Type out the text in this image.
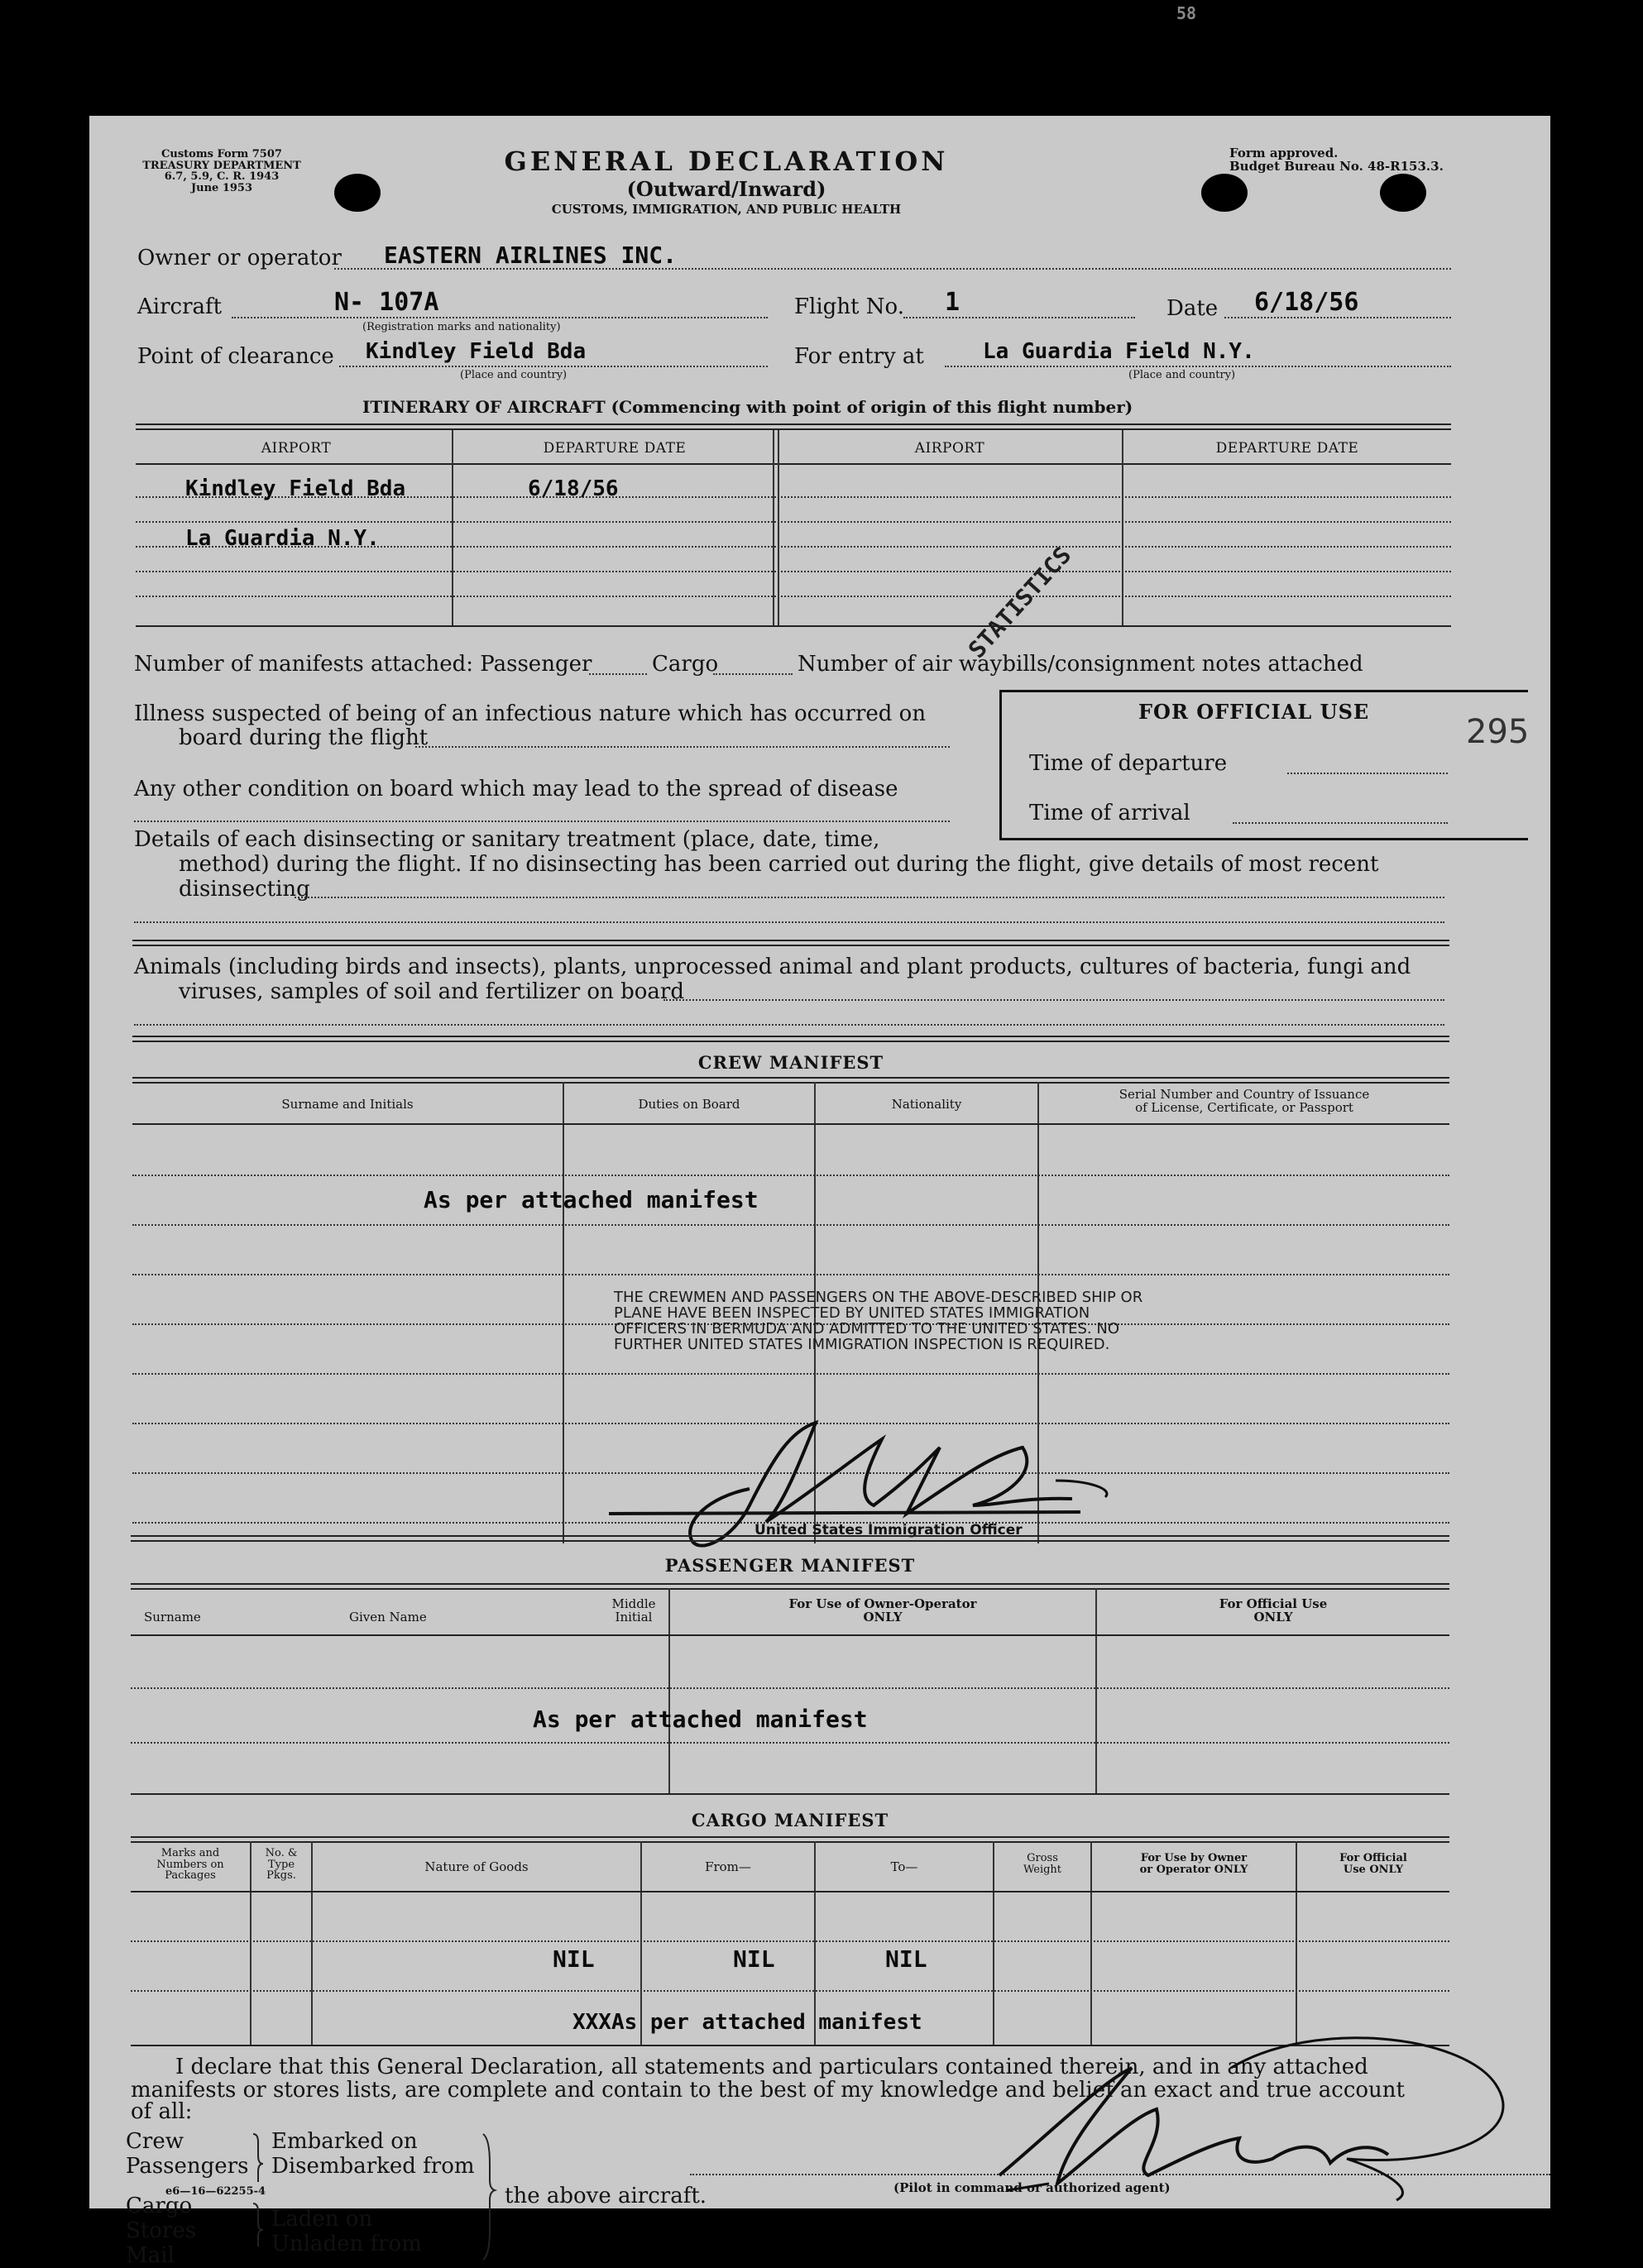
58
Customs Form 7507
TREASURY DEPARTMENT
6.7, 5.9, C. R. 1943
June 1953
GENERAL DECLARATION
(Outward/Inward)
CUSTOMS, IMMIGRATION, AND PUBLIC HEALTH
Form approved.
Budget Bureau No. 48-R153.3.
Owner or operator EASTERN AIRLINES INC.
Aircraft	N- 107A
(Registration marks and nationality)
Flight No. 1	Date 6/18/56
Point of clearance Kindley Field Bda
(Place and country)
For entry at	La Guardia Field N.Y.
(Place and country)
ITINERARY OF AIRCRAFT (Commencing with point of origin of this flight number)
AIRPORT	DEPARTURE DATE	AIRPORT	DEPARTURE DATE
Kindley Field Bda	6/18/56
La Guardia N.Y.
STATISTICS
Number of manifests attached: Passenger	Cargo	Number of air waybills/consignment notes attached
Illness suspected of being of an infectious nature which has occurred on
board during the flight
Any other condition on board which may lead to the spread of disease
Details of each disinsecting or sanitary treatment (place, date, time,
method) during the flight. If no disinsecting has been carried out during the flight, give details of most recent
disinsecting
Animals (including birds and insects), plants, unprocessed animal and plant products, cultures of bacteria, fungi and
viruses, samples of soil and fertilizer on board
FOR OFFICIAL USE
295
Time of departure
Time of arrival
CREW MANIFEST
Surname and Initials	Duties on Board	Nationality
Serial Number and Country of Issuance
of License, Certificate, or Passport
As per attached manifest
THE CREWMEN AND PASSENGERS ON THE ABOVE-DESCRIBED SHIP OR
PLANE HAVE BEEN INSPECTED BY UNITED STATES IMMIGRATION
OFFICERS IN BERMUDA AND ADMITTED TO THE UNITED STATES. NO
FURTHER UNITED STATES IMMIGRATION INSPECTION IS REQUIRED.
United States Immigration Officer
PASSENGER MANIFEST
Surname	Given Name
Middle
Initial
For Use of Owner-Operator
ONLY
For Official Use
ONLY
As per attached manifest
CARGO MANIFEST
Marks and
Numbers on
Packages
No. &
Type
Pkgs.
Nature of Goods	From—	To—
Gross
Weight
For Use by Owner
or Operator ONLY
For Official
Use ONLY
NIL	NIL	NIL
XXXAs per attached manifest
I declare that this General Declaration, all statements and particulars contained therein, and in any attached
manifests or stores lists, are complete and contain to the best of my knowledge and belief an exact and true account
of all:
Crew
Passengers
Embarked on
Disembarked from
Cargo
Stores
Mail
Laden on
Unladen from
the above aircraft.	(Pilot in command or authorized agent)
e6—16—62255-4
